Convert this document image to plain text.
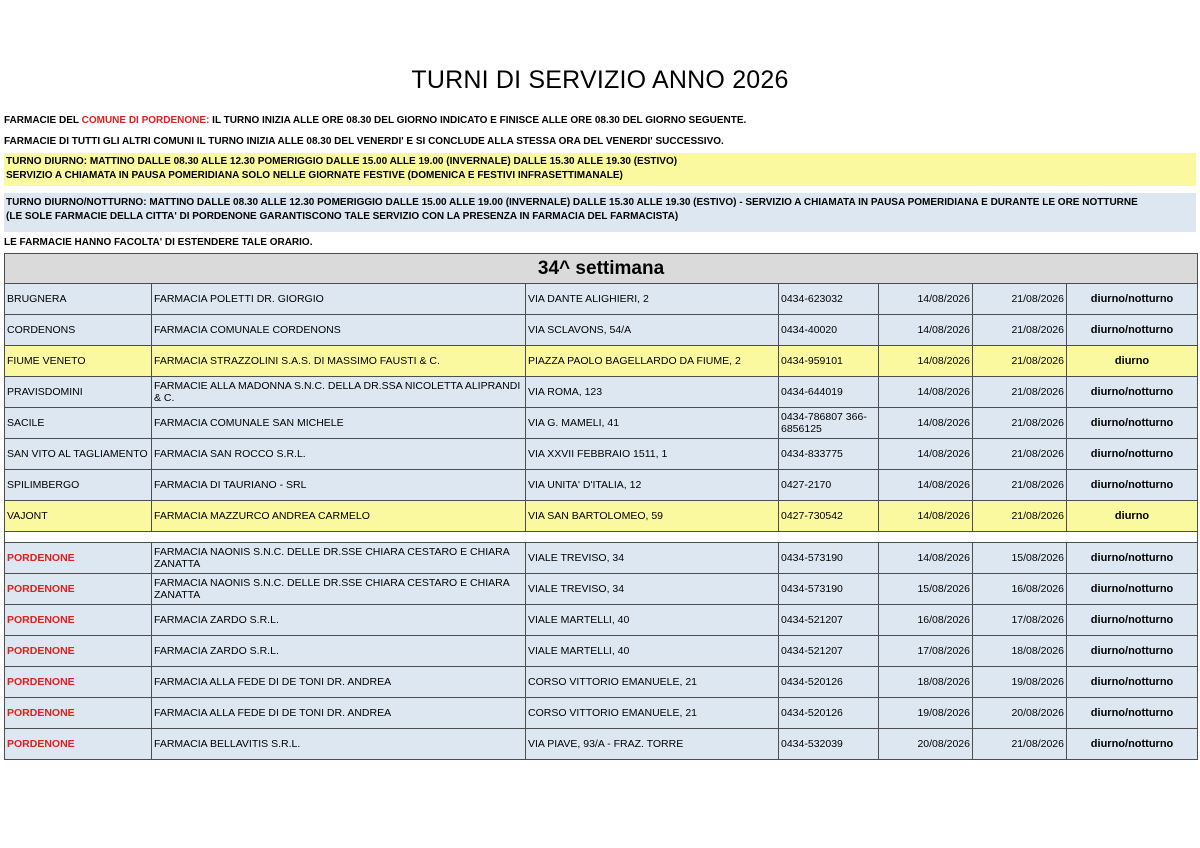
TURNI DI SERVIZIO ANNO 2026
FARMACIE DEL COMUNE DI PORDENONE: IL TURNO INIZIA ALLE ORE 08.30 DEL GIORNO INDICATO E FINISCE ALLE ORE 08.30 DEL GIORNO SEGUENTE.
FARMACIE DI TUTTI GLI ALTRI COMUNI IL TURNO INIZIA ALLE 08.30 DEL VENERDI' E SI CONCLUDE ALLA STESSA ORA DEL VENERDI' SUCCESSIVO.
TURNO DIURNO: MATTINO DALLE 08.30 ALLE 12.30 POMERIGGIO DALLE 15.00 ALLE 19.00 (INVERNALE) DALLE 15.30 ALLE 19.30 (ESTIVO)
SERVIZIO A CHIAMATA IN PAUSA POMERIDIANA SOLO NELLE GIORNATE FESTIVE (DOMENICA E FESTIVI INFRASETTIMANALE)
TURNO DIURNO/NOTTURNO: MATTINO DALLE 08.30 ALLE 12.30 POMERIGGIO DALLE 15.00 ALLE 19.00 (INVERNALE) DALLE 15.30 ALLE 19.30 (ESTIVO) - SERVIZIO A CHIAMATA IN PAUSA POMERIDIANA E DURANTE LE ORE NOTTURNE
(LE SOLE FARMACIE DELLA CITTA' DI PORDENONE GARANTISCONO TALE SERVIZIO CON LA PRESENZA IN FARMACIA DEL FARMACISTA)
LE FARMACIE HANNO FACOLTA' DI ESTENDERE TALE ORARIO.
34^ settimana						
BRUGNERA	FARMACIA POLETTI DR. GIORGIO	VIA DANTE ALIGHIERI, 2	0434-623032	14/08/2026	21/08/2026	diurno/notturno
CORDENONS	FARMACIA COMUNALE CORDENONS	VIA SCLAVONS, 54/A	0434-40020	14/08/2026	21/08/2026	diurno/notturno
FIUME VENETO	FARMACIA STRAZZOLINI S.A.S. DI MASSIMO FAUSTI & C.	PIAZZA PAOLO BAGELLARDO DA FIUME, 2	0434-959101	14/08/2026	21/08/2026	diurno
PRAVISDOMINI	FARMACIE ALLA MADONNA S.N.C. DELLA DR.SSA NICOLETTA ALIPRANDI & C.	VIA ROMA, 123	0434-644019	14/08/2026	21/08/2026	diurno/notturno
SACILE	FARMACIA COMUNALE SAN MICHELE	VIA G. MAMELI, 41	0434-786807 366-6856125	14/08/2026	21/08/2026	diurno/notturno
SAN VITO AL TAGLIAMENTO	FARMACIA SAN ROCCO S.R.L.	VIA XXVII FEBBRAIO 1511, 1	0434-833775	14/08/2026	21/08/2026	diurno/notturno
SPILIMBERGO	FARMACIA DI TAURIANO - SRL	VIA UNITA' D'ITALIA, 12	0427-2170	14/08/2026	21/08/2026	diurno/notturno
VAJONT	FARMACIA MAZZURCO ANDREA CARMELO	VIA SAN BARTOLOMEO, 59	0427-730542	14/08/2026	21/08/2026	diurno

PORDENONE	FARMACIA NAONIS S.N.C. DELLE DR.SSE CHIARA CESTARO E CHIARA ZANATTA	VIALE TREVISO, 34	0434-573190	14/08/2026	15/08/2026	diurno/notturno
PORDENONE	FARMACIA NAONIS S.N.C. DELLE DR.SSE CHIARA CESTARO E CHIARA ZANATTA	VIALE TREVISO, 34	0434-573190	15/08/2026	16/08/2026	diurno/notturno
PORDENONE	FARMACIA ZARDO S.R.L.	VIALE MARTELLI, 40	0434-521207	16/08/2026	17/08/2026	diurno/notturno
PORDENONE	FARMACIA ZARDO S.R.L.	VIALE MARTELLI, 40	0434-521207	17/08/2026	18/08/2026	diurno/notturno
PORDENONE	FARMACIA ALLA FEDE DI DE TONI DR. ANDREA	CORSO VITTORIO EMANUELE, 21	0434-520126	18/08/2026	19/08/2026	diurno/notturno
PORDENONE	FARMACIA ALLA FEDE DI DE TONI DR. ANDREA	CORSO VITTORIO EMANUELE, 21	0434-520126	19/08/2026	20/08/2026	diurno/notturno
PORDENONE	FARMACIA BELLAVITIS S.R.L.	VIA PIAVE, 93/A - FRAZ. TORRE	0434-532039	20/08/2026	21/08/2026	diurno/notturno
